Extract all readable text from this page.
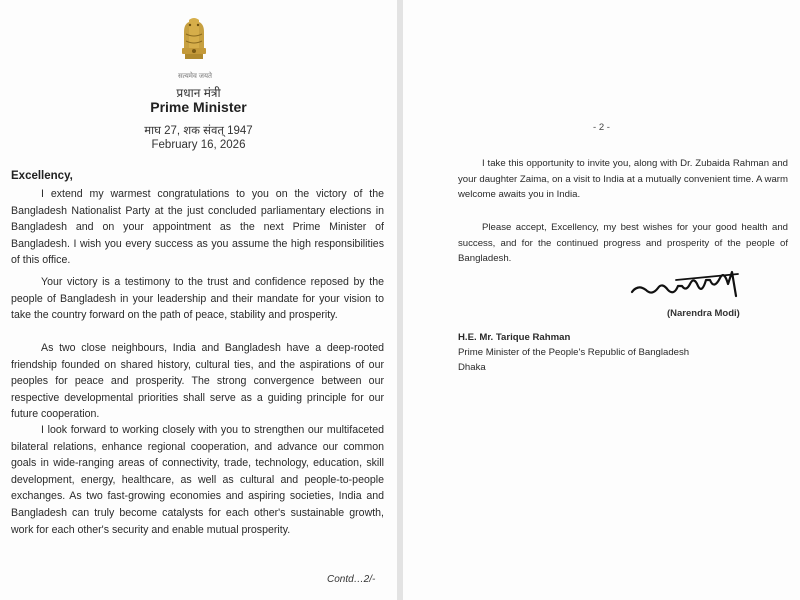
सत्यमेव जयते
प्रधान मंत्री
Prime Minister
माघ 27, शक संवत् 1947
February 16, 2026
Excellency,

I extend my warmest congratulations to you on the victory of the Bangladesh Nationalist Party at the just concluded parliamentary elections in Bangladesh and on your appointment as the next Prime Minister of Bangladesh. I wish you every success as you assume the high responsibilities of this office.

Your victory is a testimony to the trust and confidence reposed by the people of Bangladesh in your leadership and their mandate for your vision to take the country forward on the path of peace, stability and prosperity.

As two close neighbours, India and Bangladesh have a deep-rooted friendship founded on shared history, cultural ties, and the aspirations of our peoples for peace and prosperity. The strong convergence between our respective developmental priorities shall serve as a guiding principle for our future cooperation.

I look forward to working closely with you to strengthen our multifaceted bilateral relations, enhance regional cooperation, and advance our common goals in wide-ranging areas of connectivity, trade, technology, education, skill development, energy, healthcare, as well as cultural and people-to-people exchanges. As two fast-growing economies and aspiring societies, India and Bangladesh can truly become catalysts for each other's sustainable growth, work for each other's security and enable mutual prosperity.

Contd…2/-
- 2 -

I take this opportunity to invite you, along with Dr. Zubaida Rahman and your daughter Zaima, on a visit to India at a mutually convenient time. A warm welcome awaits you in India.

Please accept, Excellency, my best wishes for your good health and success, and for the continued progress and prosperity of the people of Bangladesh.

(Narendra Modi)
H.E. Mr. Tarique Rahman
Prime Minister of the People's Republic of Bangladesh
Dhaka
